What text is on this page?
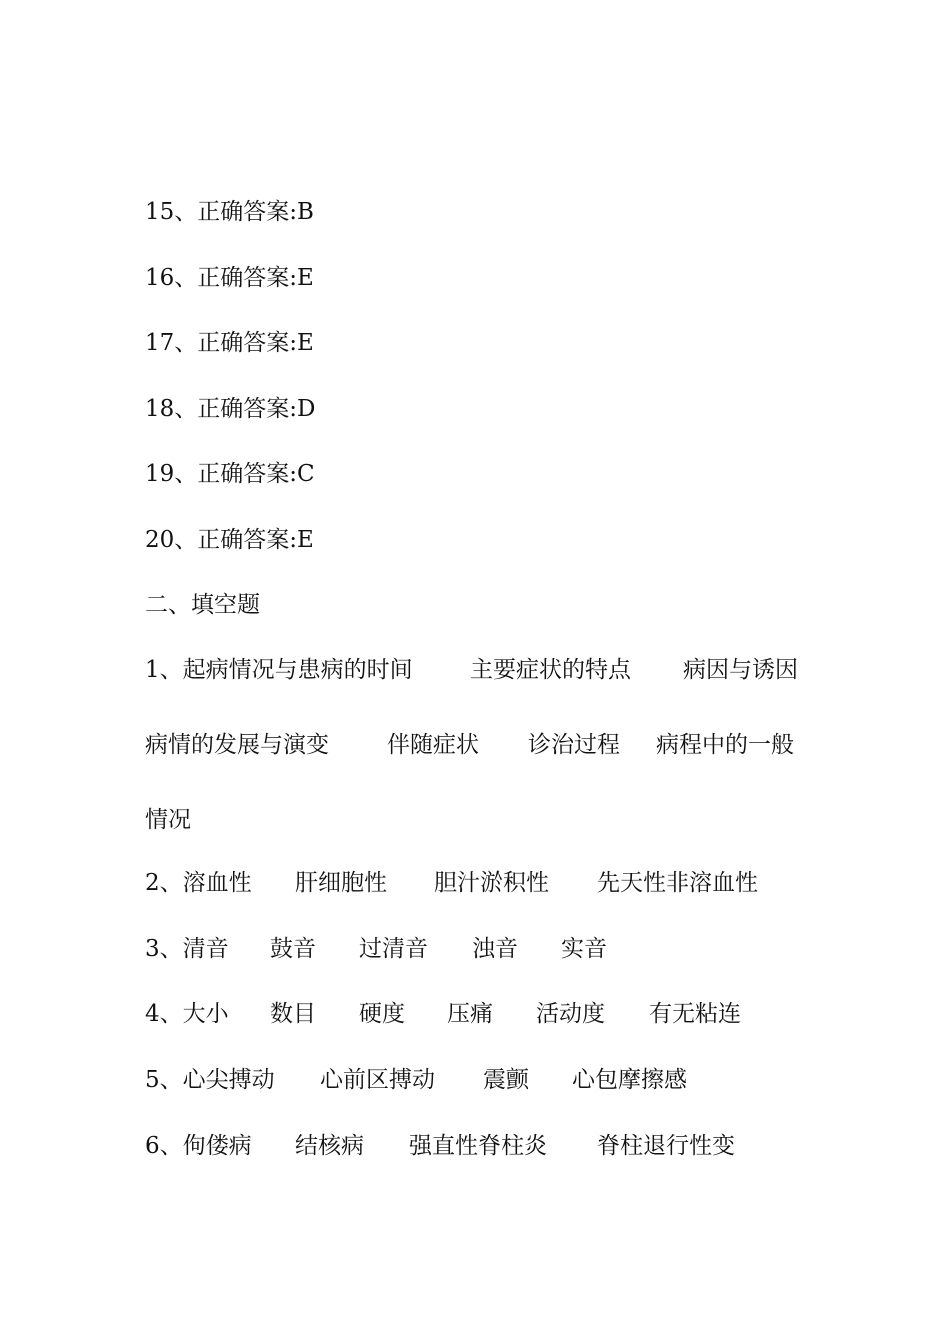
15、正确答案:B
16、正确答案:E
17、正确答案:E
18、正确答案:D
19、正确答案:C
20、正确答案:E
二、填空题
1、起病情况与患病的时间 主要症状的特点 病因与诱因
病情的发展与演变	伴随症状 诊治过程 病程中的一般
情况
2、溶血性 肝细胞性 胆汁淤积性 先天性非溶血性
3、清音 鼓音 过清音 浊音 实音
4、大小 数目 硬度 压痛 活动度 有无粘连
5、心尖搏动 心前区搏动 震颤 心包摩擦感
6、佝偻病 结核病 强直性脊柱炎 脊柱退行性变
